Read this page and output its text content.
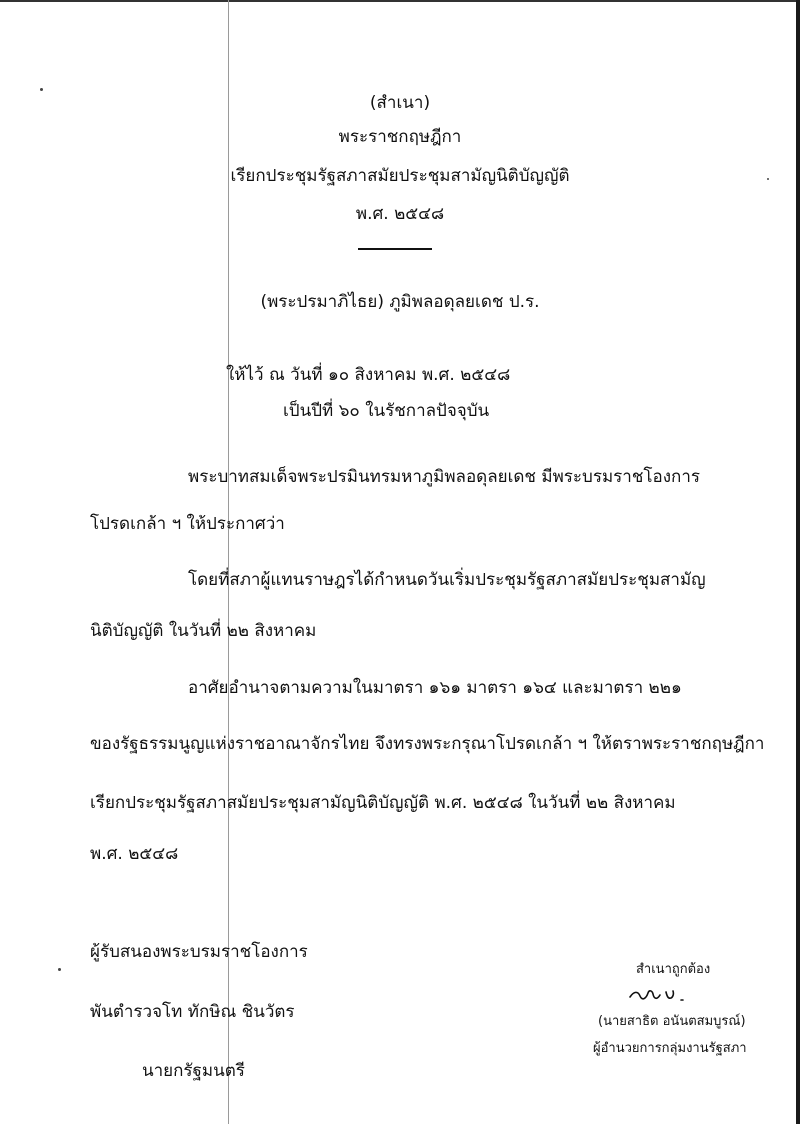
(สำเนา)
พระราชกฤษฎีกา
เรียกประชุมรัฐสภาสมัยประชุมสามัญนิติบัญญัติ
พ.ศ. ๒๕๔๘
(พระปรมาภิไธย) ภูมิพลอดุลยเดช ป.ร.
ให้ไว้ ณ วันที่ ๑๐ สิงหาคม พ.ศ. ๒๕๔๘
เป็นปีที่ ๖๐ ในรัชกาลปัจจุบัน
พระบาทสมเด็จพระปรมินทรมหาภูมิพลอดุลยเดช มีพระบรมราชโองการ
โปรดเกล้า ฯ ให้ประกาศว่า
โดยที่สภาผู้แทนราษฎรได้กำหนดวันเริ่มประชุมรัฐสภาสมัยประชุมสามัญ
นิติบัญญัติ ในวันที่ ๒๒ สิงหาคม
อาศัยอำนาจตามความในมาตรา ๑๖๑ มาตรา ๑๖๔ และมาตรา ๒๒๑
ของรัฐธรรมนูญแห่งราชอาณาจักรไทย จึงทรงพระกรุณาโปรดเกล้า ฯ ให้ตราพระราชกฤษฎีกา
เรียกประชุมรัฐสภาสมัยประชุมสามัญนิติบัญญัติ พ.ศ. ๒๕๔๘ ในวันที่ ๒๒ สิงหาคม
พ.ศ. ๒๕๔๘
ผู้รับสนองพระบรมราชโองการ
พันตำรวจโท ทักษิณ ชินวัตร
นายกรัฐมนตรี
สำเนาถูกต้อง
(นายสาธิต อนันตสมบูรณ์)
ผู้อำนวยการกลุ่มงานรัฐสภา
